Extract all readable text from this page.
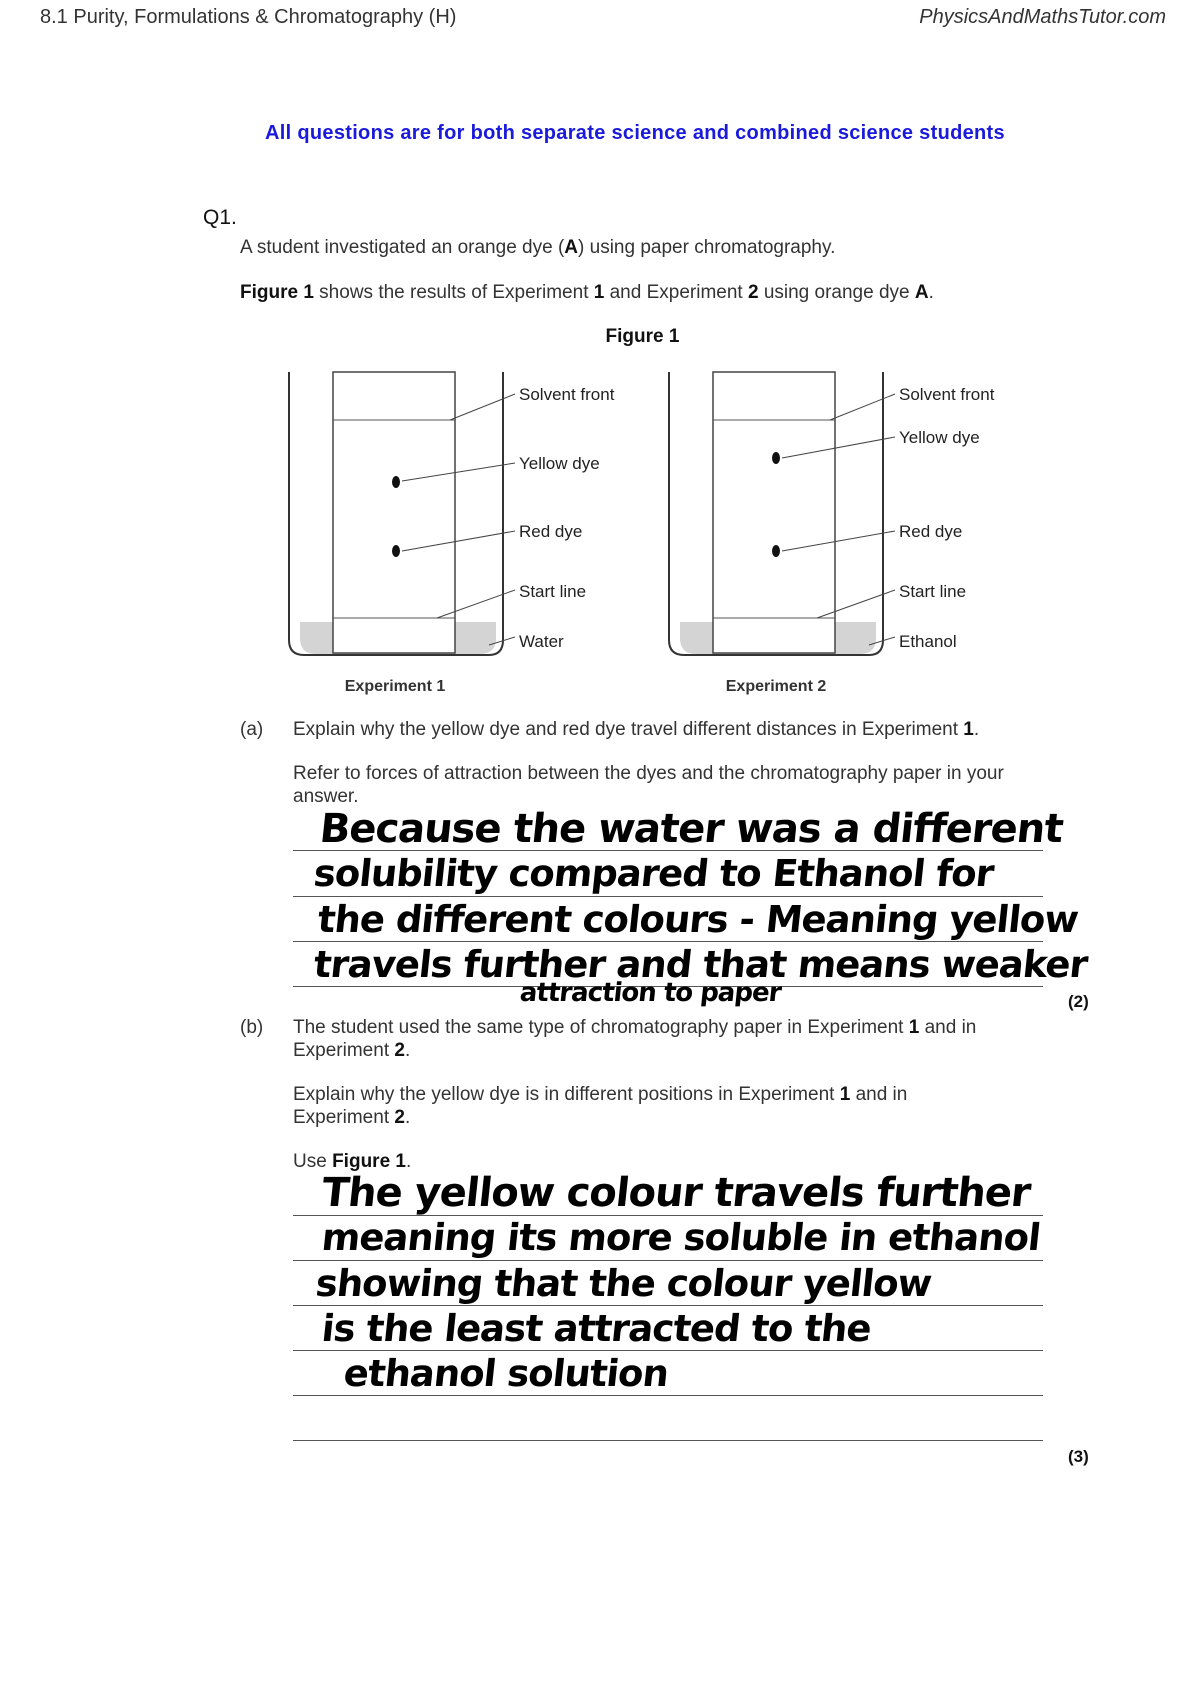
8.1 Purity, Formulations & Chromatography (H)	PhysicsAndMathsTutor.com
All questions are for both separate science and combined science students
Q1.
A student investigated an orange dye (A) using paper chromatography.
Figure 1 shows the results of Experiment 1 and Experiment 2 using orange dye A.
Figure 1
Solvent front
Yellow dye
Red dye
Start line
Water
Experiment 1
Solvent front
Yellow dye
Red dye
Start line
Ethanol
Experiment 2
(a) Explain why the yellow dye and red dye travel different distances in Experiment 1.
Refer to forces of attraction between the dyes and the chromatography paper in your answer.
Because the water was a different
solubility compared to Ethanol for
the different colours - Meaning yellow
travels further and that means weaker
attraction to paper	(2)
(b) The student used the same type of chromatography paper in Experiment 1 and in Experiment 2.
Explain why the yellow dye is in different positions in Experiment 1 and in Experiment 2.
Use Figure 1.
The yellow colour travels further
meaning its more soluble in ethanol
showing that the colour yellow
is the least attracted to the
ethanol solution
(3)
